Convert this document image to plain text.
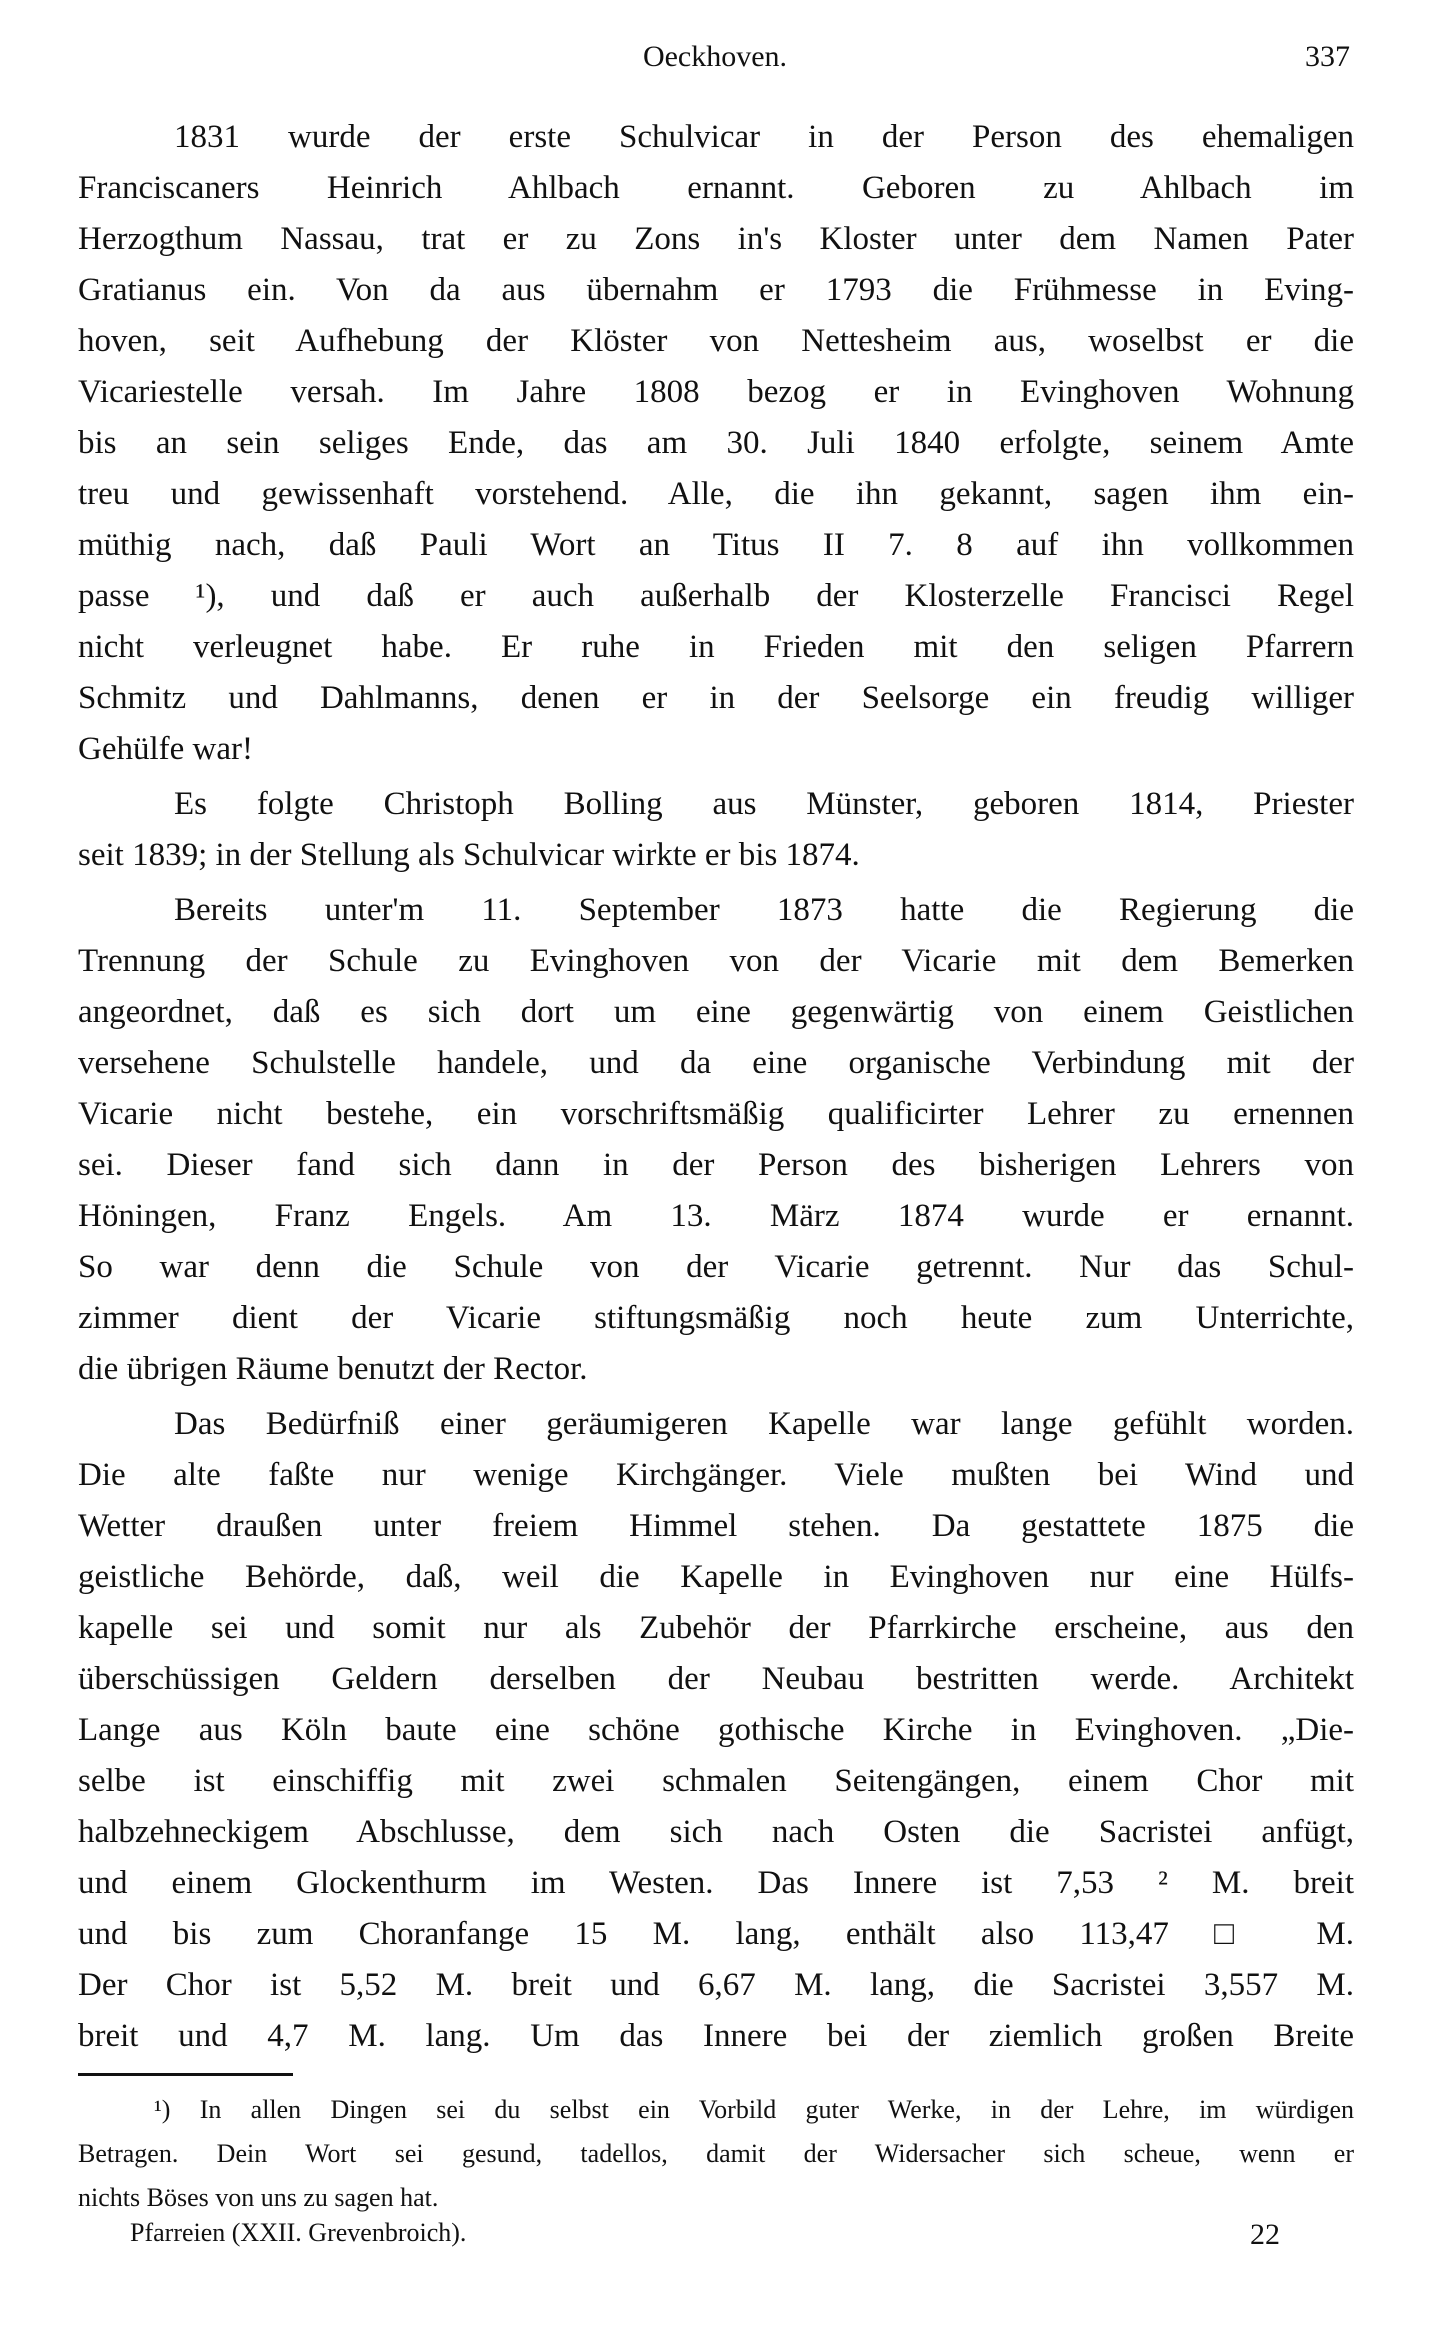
Oeckhoven.	337
1831 wurde der erste Schulvicar in der Person des ehemaligen
Franciscaners Heinrich Ahlbach ernannt. Geboren zu Ahlbach im
Herzogthum Nassau, trat er zu Zons in's Kloster unter dem Namen Pater
Gratianus ein. Von da aus übernahm er 1793 die Frühmesse in Eving-
hoven, seit Aufhebung der Klöster von Nettesheim aus, woselbst er die
Vicariestelle versah. Im Jahre 1808 bezog er in Evinghoven Wohnung
bis an sein seliges Ende, das am 30. Juli 1840 erfolgte, seinem Amte
treu und gewissenhaft vorstehend. Alle, die ihn gekannt, sagen ihm ein-
müthig nach, daß Pauli Wort an Titus II 7. 8 auf ihn vollkommen
passe ¹), und daß er auch außerhalb der Klosterzelle Francisci Regel
nicht verleugnet habe. Er ruhe in Frieden mit den seligen Pfarrern
Schmitz und Dahlmanns, denen er in der Seelsorge ein freudig williger
Gehülfe war!
Es folgte Christoph Bolling aus Münster, geboren 1814, Priester
seit 1839; in der Stellung als Schulvicar wirkte er bis 1874.
Bereits unter'm 11. September 1873 hatte die Regierung die
Trennung der Schule zu Evinghoven von der Vicarie mit dem Bemerken
angeordnet, daß es sich dort um eine gegenwärtig von einem Geistlichen
versehene Schulstelle handele, und da eine organische Verbindung mit der
Vicarie nicht bestehe, ein vorschriftsmäßig qualificirter Lehrer zu ernennen
sei. Dieser fand sich dann in der Person des bisherigen Lehrers von
Höningen, Franz Engels. Am 13. März 1874 wurde er ernannt.
So war denn die Schule von der Vicarie getrennt. Nur das Schul-
zimmer dient der Vicarie stiftungsmäßig noch heute zum Unterrichte,
die übrigen Räume benutzt der Rector.
Das Bedürfniß einer geräumigeren Kapelle war lange gefühlt worden.
Die alte faßte nur wenige Kirchgänger. Viele mußten bei Wind und
Wetter draußen unter freiem Himmel stehen. Da gestattete 1875 die
geistliche Behörde, daß, weil die Kapelle in Evinghoven nur eine Hülfs-
kapelle sei und somit nur als Zubehör der Pfarrkirche erscheine, aus den
überschüssigen Geldern derselben der Neubau bestritten werde. Architekt
Lange aus Köln baute eine schöne gothische Kirche in Evinghoven. „Die-
selbe ist einschiffig mit zwei schmalen Seitengängen, einem Chor mit
halbzehneckigem Abschlusse, dem sich nach Osten die Sacristei anfügt,
und einem Glockenthurm im Westen. Das Innere ist 7,53 ² M. breit
und bis zum Choranfange 15 M. lang, enthält also 113,47 □ M.
Der Chor ist 5,52 M. breit und 6,67 M. lang, die Sacristei 3,557 M.
breit und 4,7 M. lang. Um das Innere bei der ziemlich großen Breite
¹) In allen Dingen sei du selbst ein Vorbild guter Werke, in der Lehre, im würdigen
Betragen. Dein Wort sei gesund, tadellos, damit der Widersacher sich scheue, wenn er
nichts Böses von uns zu sagen hat.
Pfarreien (XXII. Grevenbroich).	22
